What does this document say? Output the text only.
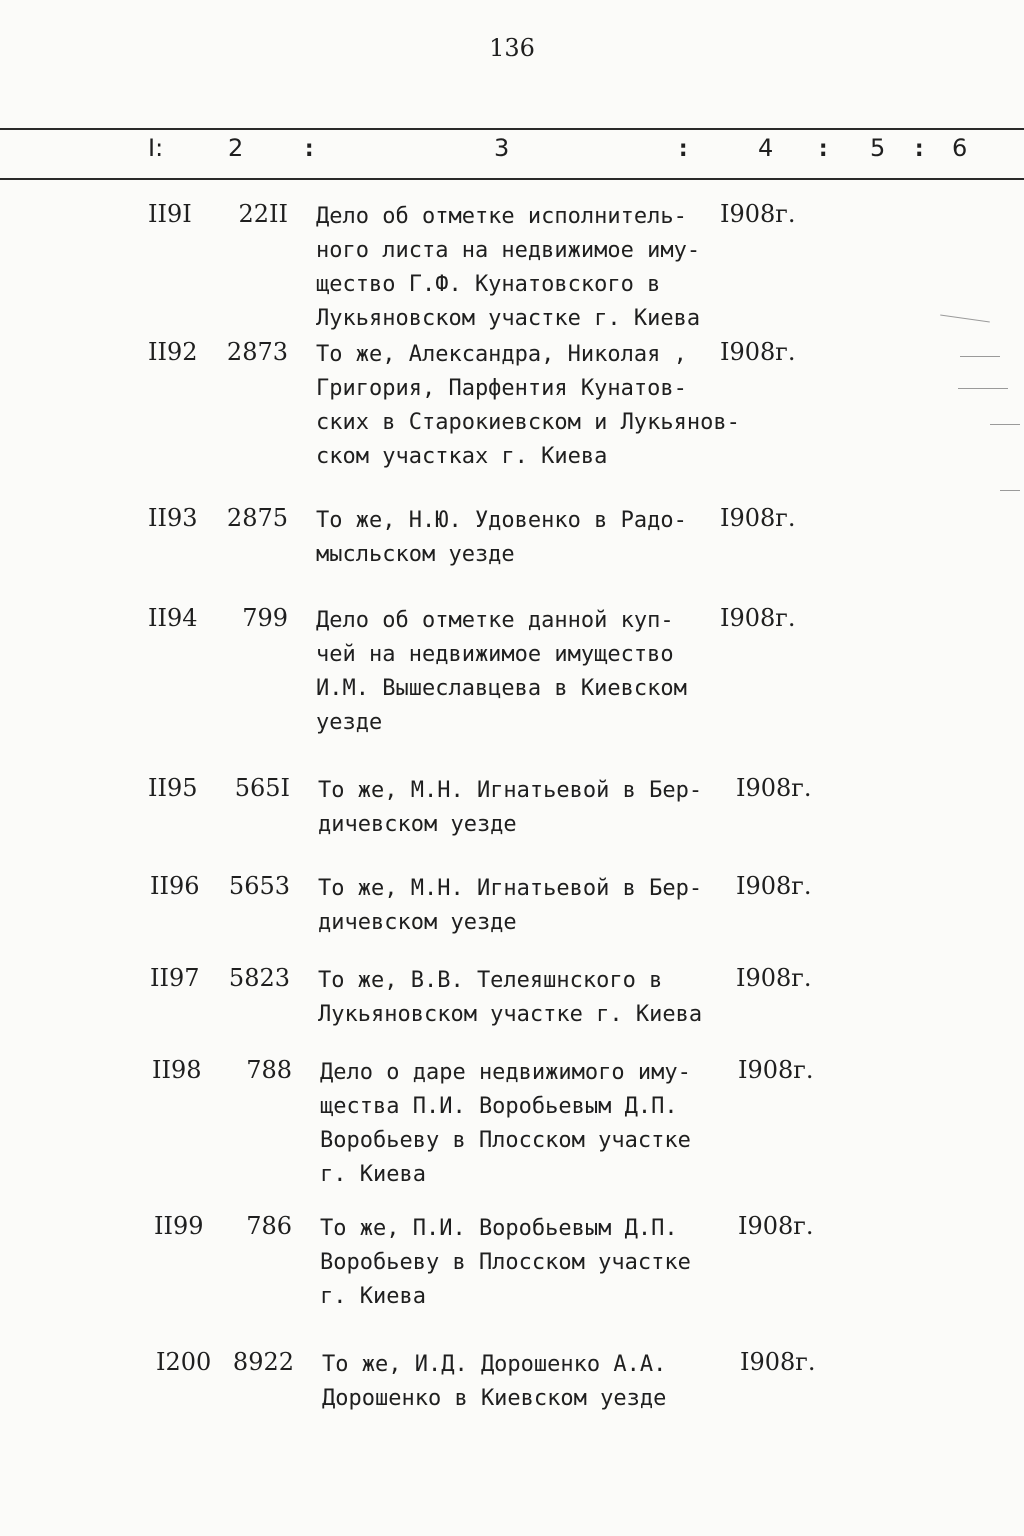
136
I:	2 :	3	:	4 : 5 : 6
II9I	22II Дело об отметке исполнитель-
ного листа на недвижимое иму-
щество Г.Ф. Кунатовского в
Лукьяновском участке г. Киева
I908г.
II92 2873 То же, Александра, Николая ,
Григория, Парфентия Кунатов-
ских в Старокиевском и Лукьянов-
ском участках г. Киева
I908г.
II93 2875 То же, Н.Ю. Удовенко в Радо-
мысльском уезде
I908г.
II94	799 Дело об отметке данной куп-
чей на недвижимое имущество
И.М. Вышеславцева в Киевском
уезде
I908г.
II95	565I То же, М.Н. Игнатьевой в Бер-
дичевском уезде
I908г.
II96 5653 То же, М.Н. Игнатьевой в Бер-
дичевском уезде
I908г.
II97 5823 То же, В.В. Телеяшнского в
Лукьяновском участке г. Киева
I908г.
II98	788 Дело о даре недвижимого иму-
щества П.И. Воробьевым Д.П.
Воробьеву в Плосском участке
г. Киева
I908г.
II99	786 То же, П.И. Воробьевым Д.П.
Воробьеву в Плосском участке
г. Киева
I908г.
I200 8922 То же, И.Д. Дорошенко А.А.
Дорошенко в Киевском уезде
I908г.
